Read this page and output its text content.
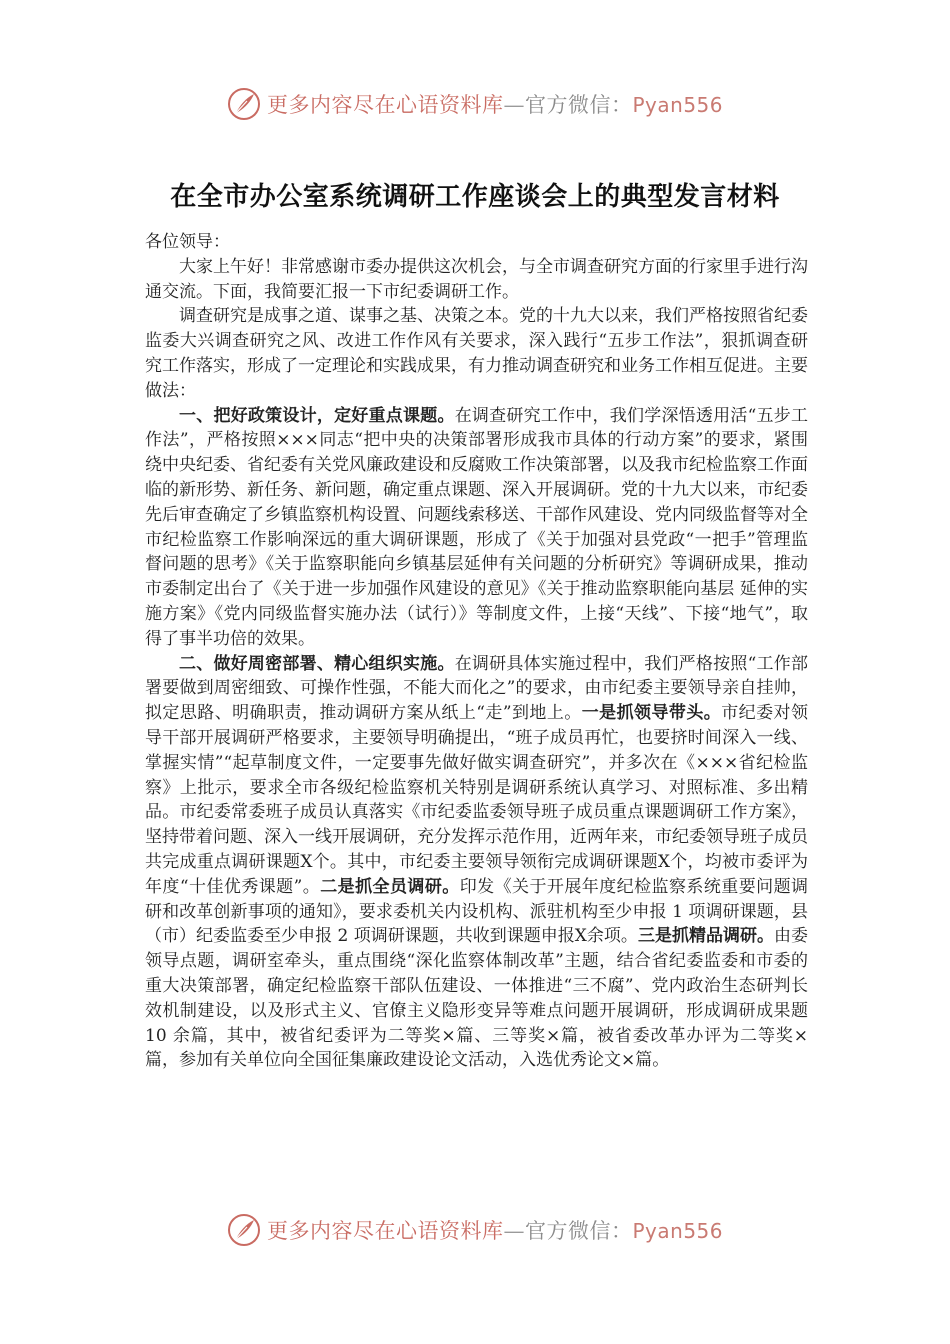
更多内容尽在心语资料库—官方微信：Pyan556
在全市办公室系统调研工作座谈会上的典型发言材料

各位领导：

大家上午好！非常感谢市委办提供这次机会，与全市调查研究方面的行家里手进行沟通交流。下面，我简要汇报一下市纪委调研工作。

调查研究是成事之道、谋事之基、决策之本。党的十九大以来，我们严格按照省纪委监委大兴调查研究之风、改进工作作风有关要求，深入践行“五步工作法”，狠抓调查研究工作落实，形成了一定理论和实践成果，有力推动调查研究和业务工作相互促进。主要做法：

一、把好政策设计，定好重点课题。在调查研究工作中，我们学深悟透用活“五步工作法”，严格按照×××同志“把中央的决策部署形成我市具体的行动方案”的要求，紧围绕中央纪委、省纪委有关党风廉政建设和反腐败工作决策部署，以及我市纪检监察工作面临的新形势、新任务、新问题，确定重点课题、深入开展调研。党的十九大以来，市纪委先后审查确定了乡镇监察机构设置、问题线索移送、干部作风建设、党内同级监督等对全市纪检监察工作影响深远的重大调研课题，形成了《关于加强对县党政“一把手”管理监督问题的思考》《关于监察职能向乡镇基层延伸有关问题的分析研究》等调研成果，推动市委制定出台了《关于进一步加强作风建设的意见》《关于推动监察职能向基层 延伸的实施方案》《党内同级监督实施办法（试行）》等制度文件，上接“天线”、下接“地气”，取得了事半功倍的效果。

二、做好周密部署、精心组织实施。在调研具体实施过程中，我们严格按照“工作部署要做到周密细致、可操作性强，不能大而化之”的要求，由市纪委主要领导亲自挂帅，拟定思路、明确职责，推动调研方案从纸上“走”到地上。一是抓领导带头。市纪委对领导干部开展调研严格要求，主要领导明确提出，“班子成员再忙，也要挤时间深入一线、掌握实情”“起草制度文件，一定要事先做好做实调查研究”，并多次在《×××省纪检监察》上批示，要求全市各级纪检监察机关特别是调研系统认真学习、对照标准、多出精品。市纪委常委班子成员认真落实《市纪委监委领导班子成员重点课题调研工作方案》，坚持带着问题、深入一线开展调研，充分发挥示范作用，近两年来，市纪委领导班子成员共完成重点调研课题Ⅹ个。其中，市纪委主要领导领衔完成调研课题Ⅹ个，均被市委评为年度“十佳优秀课题”。二是抓全员调研。印发《关于开展年度纪检监察系统重要问题调研和改革创新事项的通知》，要求委机关内设机构、派驻机构至少申报 1 项调研课题，县（市）纪委监委至少申报 2 项调研课题，共收到课题申报Ⅹ余项。三是抓精品调研。由委领导点题，调研室牵头，重点围绕“深化监察体制改革”主题，结合省纪委监委和市委的重大决策部署，确定纪检监察干部队伍建设、一体推进“三不腐”、党内政治生态研判长效机制建设，以及形式主义、官僚主义隐形变异等难点问题开展调研，形成调研成果题 10 余篇，其中，被省纪委评为二等奖×篇、三等奖×篇，被省委改革办评为二等奖×篇，参加有关单位向全国征集廉政建设论文活动，入选优秀论文×篇。

更多内容尽在心语资料库—官方微信：Pyan556
